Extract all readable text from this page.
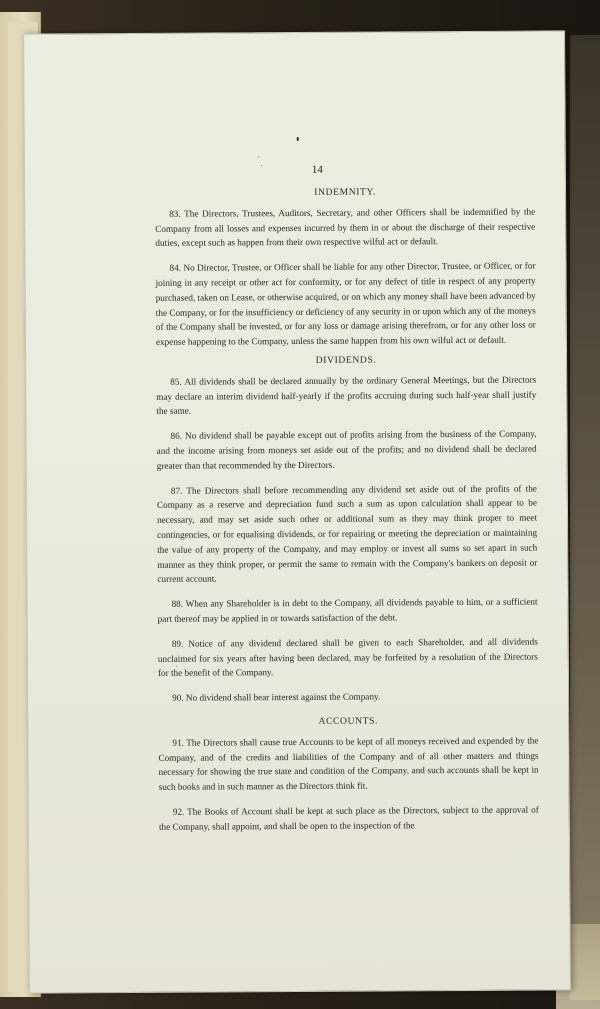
14

INDEMNITY.

83. The Directors, Trustees, Auditors, Secretary, and other Officers shall be indemnified by the Company from all losses and expenses incurred by them in or about the discharge of their respective duties, except such as happen from their own respective wilful act or default.

84. No Director, Trustee, or Officer shall be liable for any other Director, Trustee, or Officer, or for joining in any receipt or other act for conformity, or for any defect of title in respect of any property purchased, taken on Lease, or otherwise acquired, or on which any money shall have been advanced by the Company, or for the insufficiency or deficiency of any security in or upon which any of the moneys of the Company shall be invested, or for any loss or damage arising therefrom, or for any other loss or expense happening to the Company, unless the same happen from his own wilful act or default.

DIVIDENDS.

85. All dividends shall be declared annually by the ordinary General Meetings, but the Directors may declare an interim dividend half-yearly if the profits accruing during such half-year shall justify the same.

86. No dividend shall be payable except out of profits arising from the business of the Company, and the income arising from moneys set aside out of the profits; and no dividend shall be declared greater than that recommended by the Directors.

87. The Directors shall before recommending any dividend set aside out of the profits of the Company as a reserve and depreciation fund such a sum as upon calculation shall appear to be necessary, and may set aside such other or additional sum as they may think proper to meet contingencies, or for equalising dividends, or for repairing or meeting the depreciation or maintaining the value of any property of the Company, and may employ or invest all sums so set apart in such manner as they think proper, or permit the same to remain with the Company's bankers on deposit or current account.

88. When any Shareholder is in debt to the Company, all dividends payable to him, or a sufficient part thereof may be applied in or towards satisfaction of the debt.

89. Notice of any dividend declared shall be given to each Shareholder, and all dividends unclaimed for six years after having been declared, may be forfeited by a resolution of the Directors for the benefit of the Company.

90. No dividend shall bear interest against the Company.

ACCOUNTS.

91. The Directors shall cause true Accounts to be kept of all moneys received and expended by the Company, and of the credits and liabilities of the Company and of all other matters and things necessary for showing the true state and condition of the Company, and such accounts shall be kept in such books and in such manner as the Directors think fit.

92. The Books of Account shall be kept at such place as the Directors, subject to the approval of the Company, shall appoint, and shall be open to the inspection of the
